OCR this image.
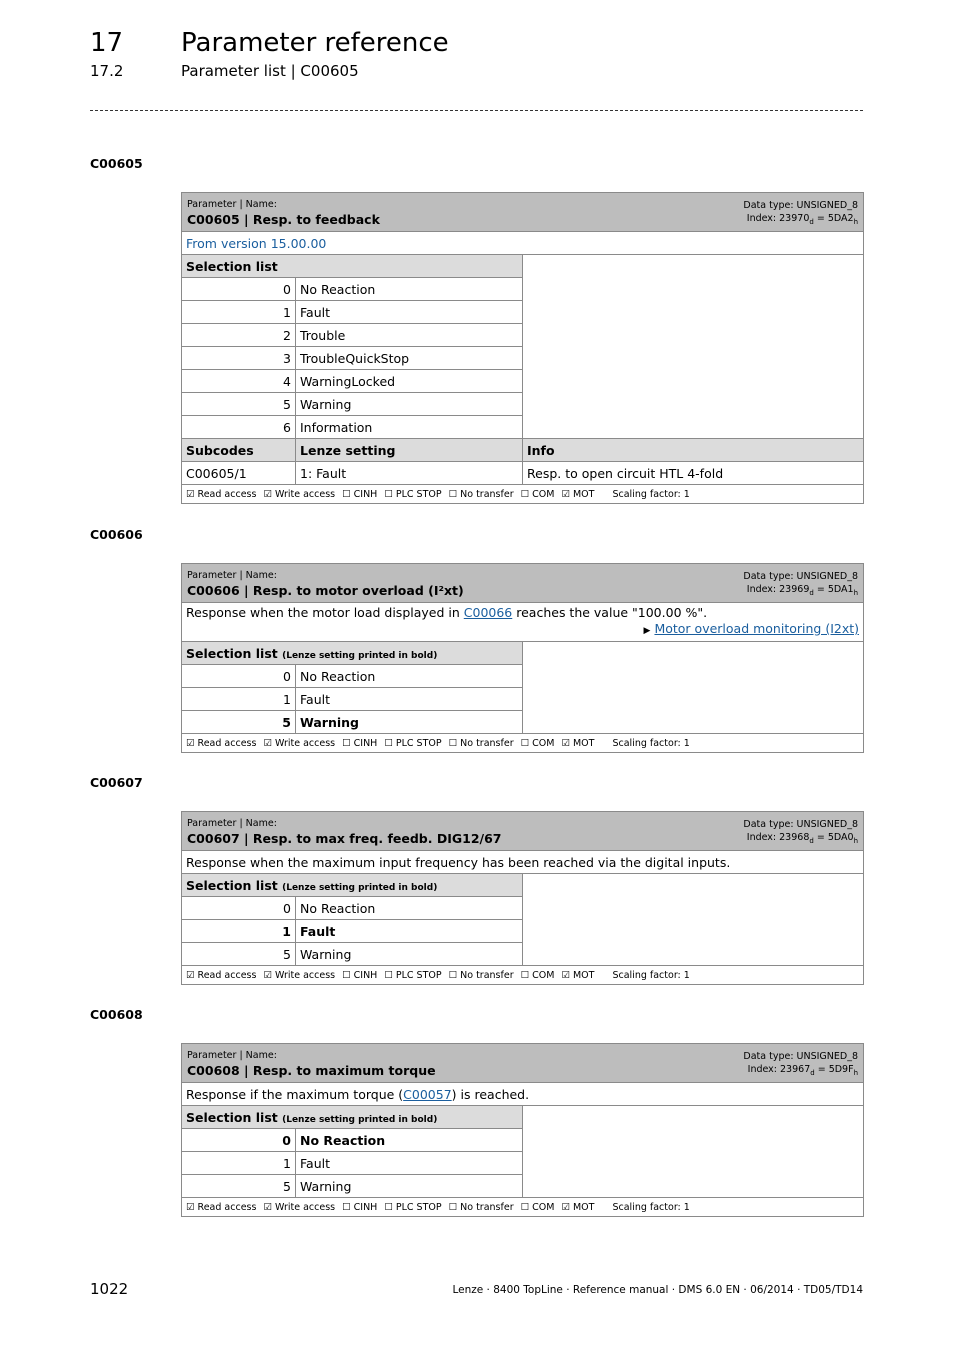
17 Parameter reference
17.2	Parameter list | C00605
C00605
Parameter | Name:
C00605 | Resp. to feedback
Data type: UNSIGNED_8
Index: $23970_d = 5DA2_h$

From version 15.00.00		
Selection list		
0	No Reaction	
1	Fault	
2	Trouble	
3	TroubleQuickStop	
4	WarningLocked	
5	Warning	
6	Information	
Subcodes	Lenze setting	Info
C00605/1	1: Fault	Resp. to open circuit HTL 4-fold
☑ Read access ☑ Write access ☐ CINH ☐ PLC STOP ☐ No transfer ☐ COM ☑ MOT Scaling factor: 1		
C00606
Parameter | Name:
C00606 | Resp. to motor overload (I²xt)
Data type: UNSIGNED_8
Index: $23969_d = 5DA1_h$

Response when the motor load displayed in C00066 reaches the value "100.00 %".
▶ Motor overload monitoring (I2xt)		

Selection list (Lenze setting printed in bold)		
0	No Reaction	
1	Fault	
5	Warning	
☑ Read access ☑ Write access ☐ CINH ☐ PLC STOP ☐ No transfer ☐ COM ☑ MOT Scaling factor: 1		
C00607
Parameter | Name:
C00607 | Resp. to max freq. feedb. DIG12/67
Data type: UNSIGNED_8
Index: $23968_d = 5DA0_h$

Response when the maximum input frequency has been reached via the digital inputs.		
Selection list (Lenze setting printed in bold)		
0	No Reaction	
1	Fault	
5	Warning	
☑ Read access ☑ Write access ☐ CINH ☐ PLC STOP ☐ No transfer ☐ COM ☑ MOT Scaling factor: 1		
C00608
Parameter | Name:
C00608 | Resp. to maximum torque
Data type: UNSIGNED_8
Index: $23967_d = 5D9F_h$

Response if the maximum torque (C00057) is reached.		
Selection list (Lenze setting printed in bold)		
0	No Reaction	
1	Fault	
5	Warning	
☑ Read access ☑ Write access ☐ CINH ☐ PLC STOP ☐ No transfer ☐ COM ☑ MOT Scaling factor: 1		
1022	Lenze · 8400 TopLine · Reference manual · DMS 6.0 EN · 06/2014 · TD05/TD14
